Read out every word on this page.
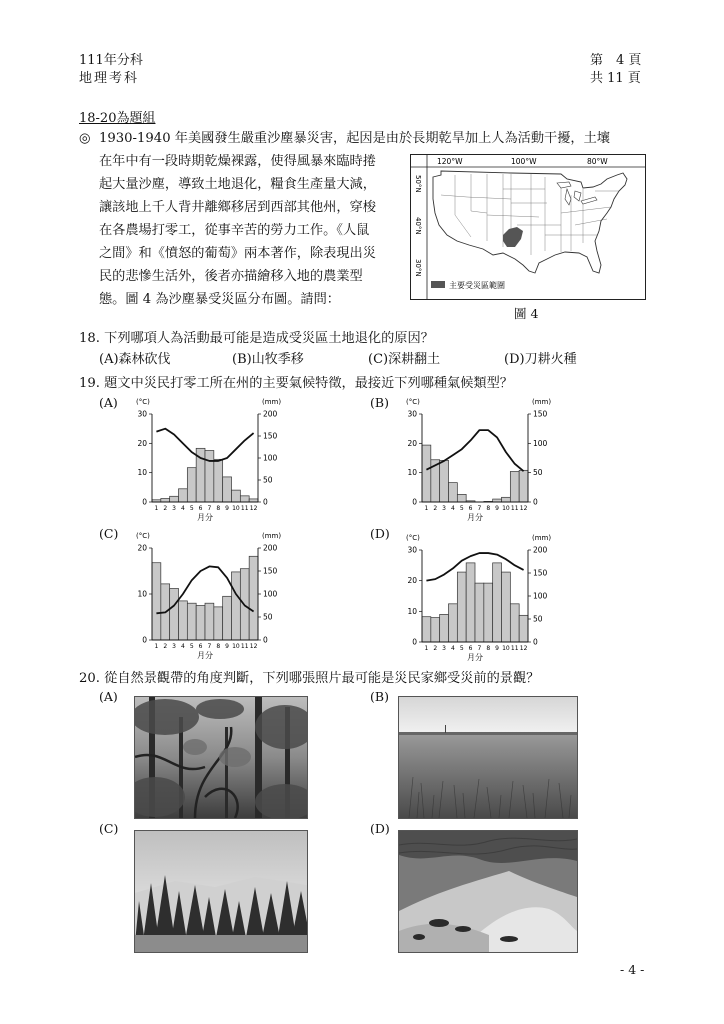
111年分科
地理考科
第　4 頁
共 11 頁
18-20為題組
◎ 1930-1940 年美國發生嚴重沙塵暴災害，起因是由於長期乾旱加上人為活動干擾，土壤
在年中有一段時期乾燥裸露，使得風暴來臨時捲
起大量沙塵，導致土地退化，糧食生產量大減，
讓該地上千人背井離鄉移居到西部其他州，穿梭
在各農場打零工，從事辛苦的勞力工作。《人鼠
之間》和《憤怒的葡萄》兩本著作，除表現出災
民的悲慘生活外，後者亦描繪移入地的農業型
態。圖 4 為沙塵暴受災區分布圖。請問：
120°W	100°W	80°W
50°N
40°N
30°N
主要受災區範圍
圖 4
18. 下列哪項人為活動最可能是造成受災區土地退化的原因？
(A)森林砍伐	(B)山牧季移	(C)深耕翻土	(D)刀耕火種
19. 題文中災民打零工所在州的主要氣候特徵，最接近下列哪種氣候類型？
(A)	(B)
(C)	(D)
(°C)	(mm)
0
10
20
30
0
50
100
150
200
1 2 3 4 5 6 7 8 9 10 11 12
月分
(°C)	(mm)
0
10
20
30
0
50
100
150
1 2 3 4 5 6 7 8 9 10 11 12
月分
(°C)	(mm)
0
10
20
0
50
100
150
200
1 2 3 4 5 6 7 8 9 10 11 12
月分
(°C)	(mm)
0
10
20
30
0
50
100
150
200
1 2 3 4 5 6 7 8 9 10 11 12
月分
20. 從自然景觀帶的角度判斷，下列哪張照片最可能是災民家鄉受災前的景觀？
(A)	(B)
(C)	(D)
- 4 -
